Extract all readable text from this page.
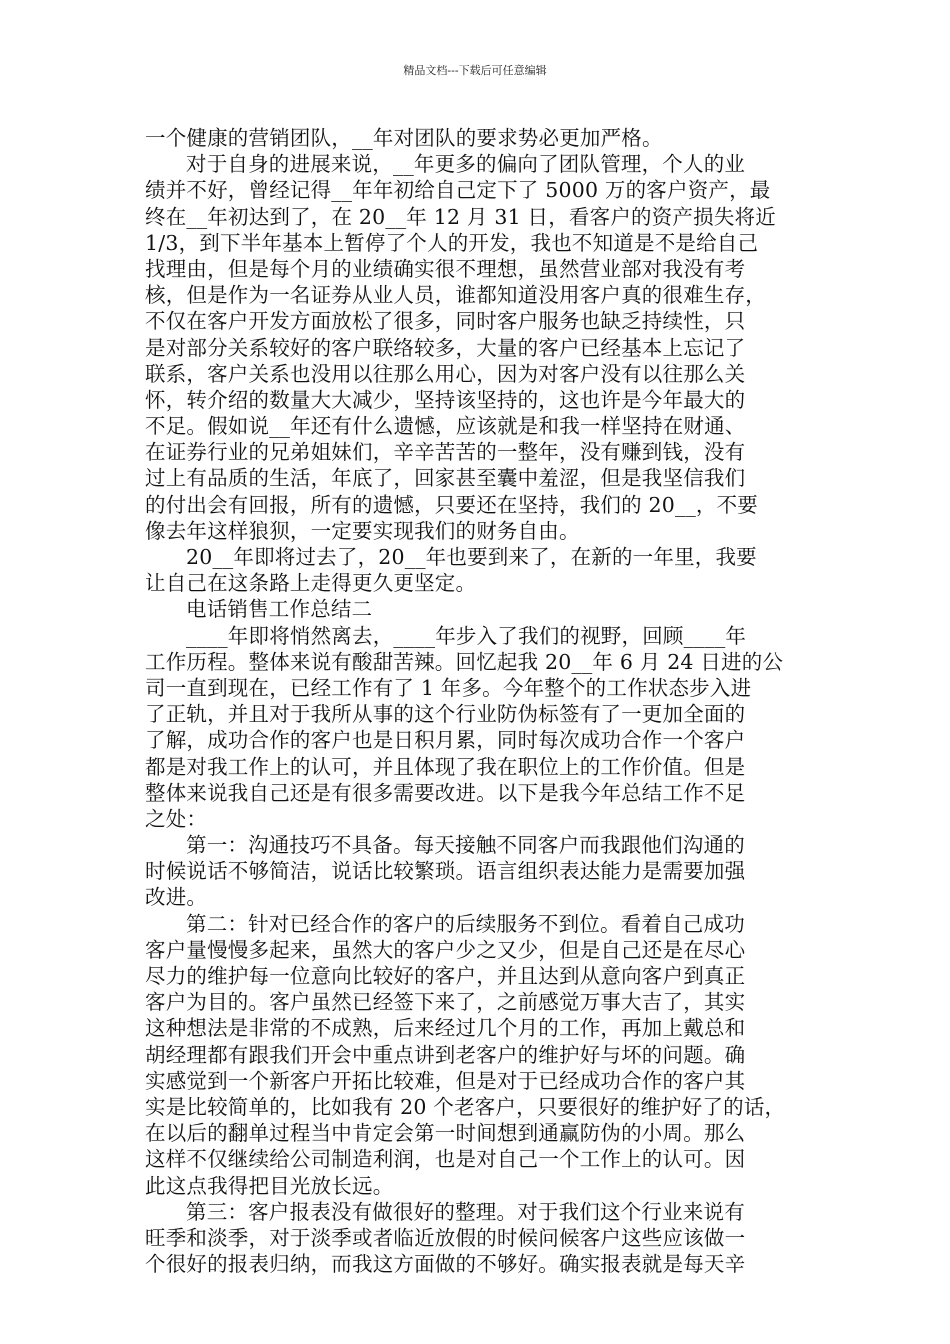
精品文档---下载后可任意编辑
一个健康的营销团队，__年对团队的要求势必更加严格。
对于自身的进展来说，__年更多的偏向了团队管理，个人的业
绩并不好，曾经记得__年年初给自己定下了 5000 万的客户资产，最
终在__年初达到了，在 20__年 12 月 31 日，看客户的资产损失将近
1/3，到下半年基本上暂停了个人的开发，我也不知道是不是给自己
找理由，但是每个月的业绩确实很不理想，虽然营业部对我没有考
核，但是作为一名证券从业人员，谁都知道没用客户真的很难生存，
不仅在客户开发方面放松了很多，同时客户服务也缺乏持续性，只
是对部分关系较好的客户联络较多，大量的客户已经基本上忘记了
联系，客户关系也没用以往那么用心，因为对客户没有以往那么关
怀，转介绍的数量大大减少，坚持该坚持的，这也许是今年最大的
不足。假如说__年还有什么遗憾，应该就是和我一样坚持在财通、
在证券行业的兄弟姐妹们，辛辛苦苦的一整年，没有赚到钱，没有
过上有品质的生活，年底了，回家甚至囊中羞涩，但是我坚信我们
的付出会有回报，所有的遗憾，只要还在坚持，我们的 20__，不要
像去年这样狼狈，一定要实现我们的财务自由。
20__年即将过去了，20__年也要到来了，在新的一年里，我要
让自己在这条路上走得更久更坚定。
电话销售工作总结二
____年即将悄然离去，____年步入了我们的视野，回顾____年
工作历程。整体来说有酸甜苦辣。回忆起我 20__年 6 月 24 日进的公
司一直到现在，已经工作有了 1 年多。今年整个的工作状态步入进
了正轨，并且对于我所从事的这个行业防伪标签有了一更加全面的
了解，成功合作的客户也是日积月累，同时每次成功合作一个客户
都是对我工作上的认可，并且体现了我在职位上的工作价值。但是
整体来说我自己还是有很多需要改进。以下是我今年总结工作不足
之处：
第一：沟通技巧不具备。每天接触不同客户而我跟他们沟通的
时候说话不够简洁，说话比较繁琐。语言组织表达能力是需要加强
改进。
第二：针对已经合作的客户的后续服务不到位。看着自己成功
客户量慢慢多起来，虽然大的客户少之又少，但是自己还是在尽心
尽力的维护每一位意向比较好的客户，并且达到从意向客户到真正
客户为目的。客户虽然已经签下来了，之前感觉万事大吉了，其实
这种想法是非常的不成熟，后来经过几个月的工作，再加上戴总和
胡经理都有跟我们开会中重点讲到老客户的维护好与坏的问题。确
实感觉到一个新客户开拓比较难，但是对于已经成功合作的客户其
实是比较简单的，比如我有 20 个老客户，只要很好的维护好了的话，
在以后的翻单过程当中肯定会第一时间想到通赢防伪的小周。那么
这样不仅继续给公司制造利润，也是对自己一个工作上的认可。因
此这点我得把目光放长远。
第三：客户报表没有做很好的整理。对于我们这个行业来说有
旺季和淡季，对于淡季或者临近放假的时候问候客户这些应该做一
个很好的报表归纳，而我这方面做的不够好。确实报表就是每天辛
